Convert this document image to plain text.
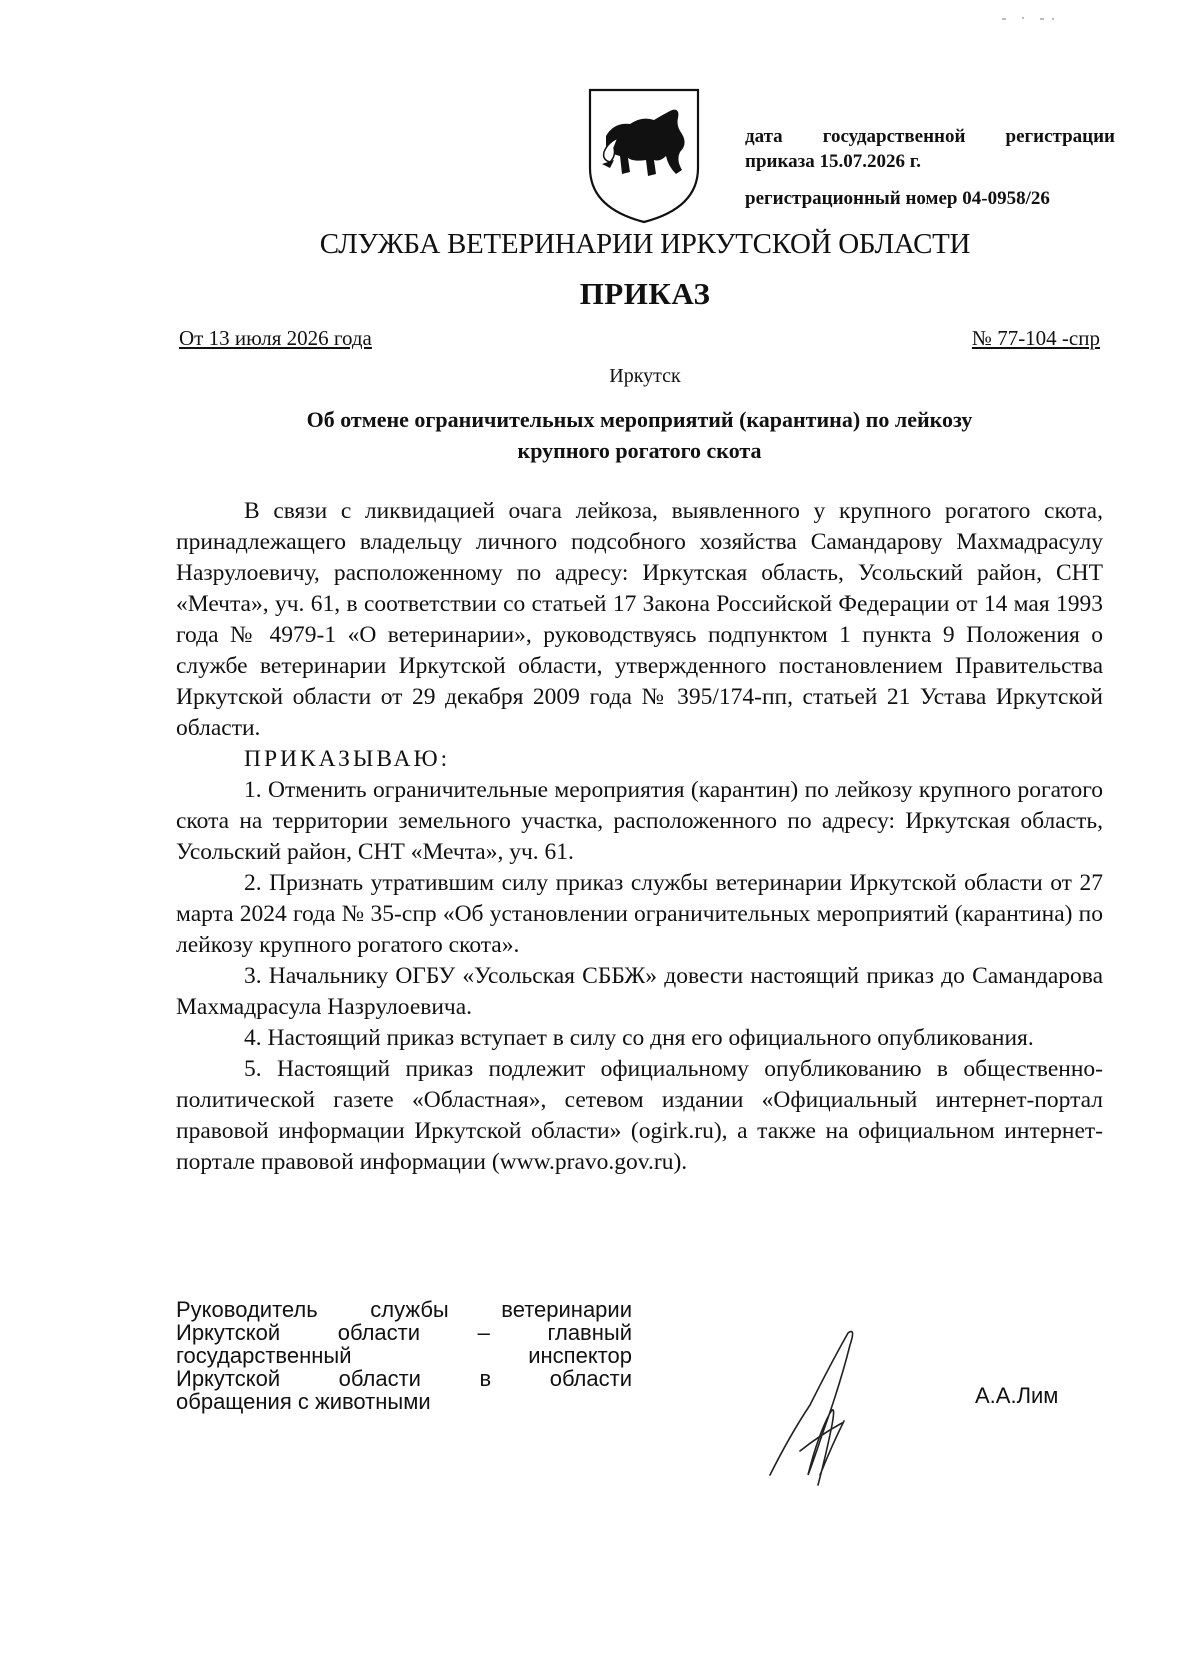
дата государственной регистрации
приказа 15.07.2026 г.
регистрационный номер 04-0958/26
СЛУЖБА ВЕТЕРИНАРИИ ИРКУТСКОЙ ОБЛАСТИ
ПРИКАЗ
От 13 июля 2026 года	№ 77-104 -спр
Иркутск
Об отмене ограничительных мероприятий (карантина) по лейкозу
крупного рогатого скота

В связи с ликвидацией очага лейкоза, выявленного у крупного рогатого скота, принадлежащего владельцу личного подсобного хозяйства Самандарову Махмадрасулу Назрулоевичу, расположенному по адресу: Иркутская область, Усольский район, СНТ «Мечта», уч. 61, в соответствии со статьей 17 Закона Российской Федерации от 14 мая 1993 года № 4979-1 «О ветеринарии», руководствуясь подпунктом 1 пункта 9 Положения о службе ветеринарии Иркутской области, утвержденного постановлением Правительства Иркутской области от 29 декабря 2009 года № 395/174-пп, статьей 21 Устава Иркутской области.

ПРИКАЗЫВАЮ:

1. Отменить ограничительные мероприятия (карантин) по лейкозу крупного рогатого скота на территории земельного участка, расположенного по адресу: Иркутская область, Усольский район, СНТ «Мечта», уч. 61.

2. Признать утратившим силу приказ службы ветеринарии Иркутской области от 27 марта 2024 года № 35-спр «Об установлении ограничительных мероприятий (карантина) по лейкозу крупного рогатого скота».

3. Начальнику ОГБУ «Усольская СББЖ» довести настоящий приказ до Самандарова Махмадрасула Назрулоевича.

4. Настоящий приказ вступает в силу со дня его официального опубликования.

5. Настоящий приказ подлежит официальному опубликованию в общественно-политической газете «Областная», сетевом издании «Официальный интернет-портал правовой информации Иркутской области» (ogirk.ru), а также на официальном интернет-портале правовой информации (www.pravo.gov.ru).

Руководитель службы ветеринарии
Иркутской области – главный
государственный инспектор
Иркутской области в области
обращения с животными	А.А.Лим
